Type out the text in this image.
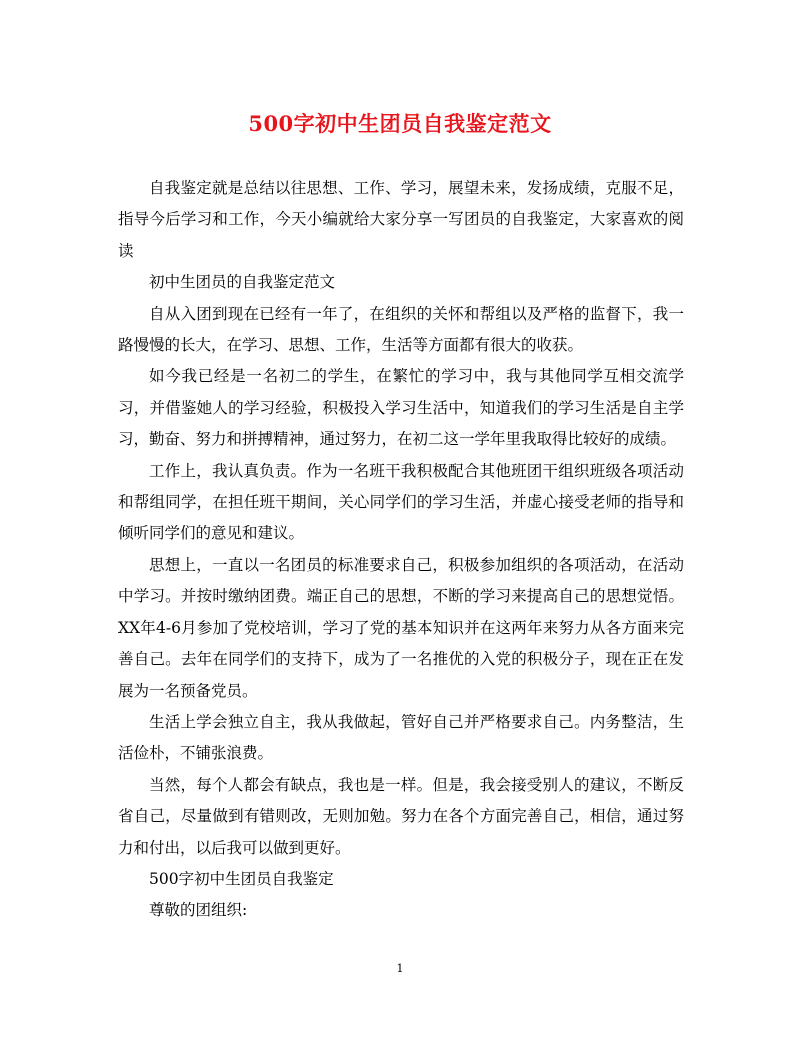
500字初中生团员自我鉴定范文

自我鉴定就是总结以往思想、工作、学习，展望未来，发扬成绩，克服不足，指导今后学习和工作，今天小编就给大家分享一写团员的自我鉴定，大家喜欢的阅读

初中生团员的自我鉴定范文

自从入团到现在已经有一年了，在组织的关怀和帮组以及严格的监督下，我一路慢慢的长大，在学习、思想、工作，生活等方面都有很大的收获。

如今我已经是一名初二的学生，在繁忙的学习中，我与其他同学互相交流学习，并借鉴她人的学习经验，积极投入学习生活中，知道我们的学习生活是自主学习，勤奋、努力和拼搏精神，通过努力，在初二这一学年里我取得比较好的成绩。

工作上，我认真负责。作为一名班干我积极配合其他班团干组织班级各项活动和帮组同学，在担任班干期间，关心同学们的学习生活，并虚心接受老师的指导和倾听同学们的意见和建议。

思想上，一直以一名团员的标准要求自己，积极参加组织的各项活动，在活动中学习。并按时缴纳团费。端正自己的思想，不断的学习来提高自己的思想觉悟。XX年4-6月参加了党校培训，学习了党的基本知识并在这两年来努力从各方面来完善自己。去年在同学们的支持下，成为了一名推优的入党的积极分子，现在正在发展为一名预备党员。

生活上学会独立自主，我从我做起，管好自己并严格要求自己。内务整洁，生活俭朴，不铺张浪费。

当然，每个人都会有缺点，我也是一样。但是，我会接受别人的建议，不断反省自己，尽量做到有错则改，无则加勉。努力在各个方面完善自己，相信，通过努力和付出，以后我可以做到更好。

500字初中生团员自我鉴定

尊敬的团组织:

1
